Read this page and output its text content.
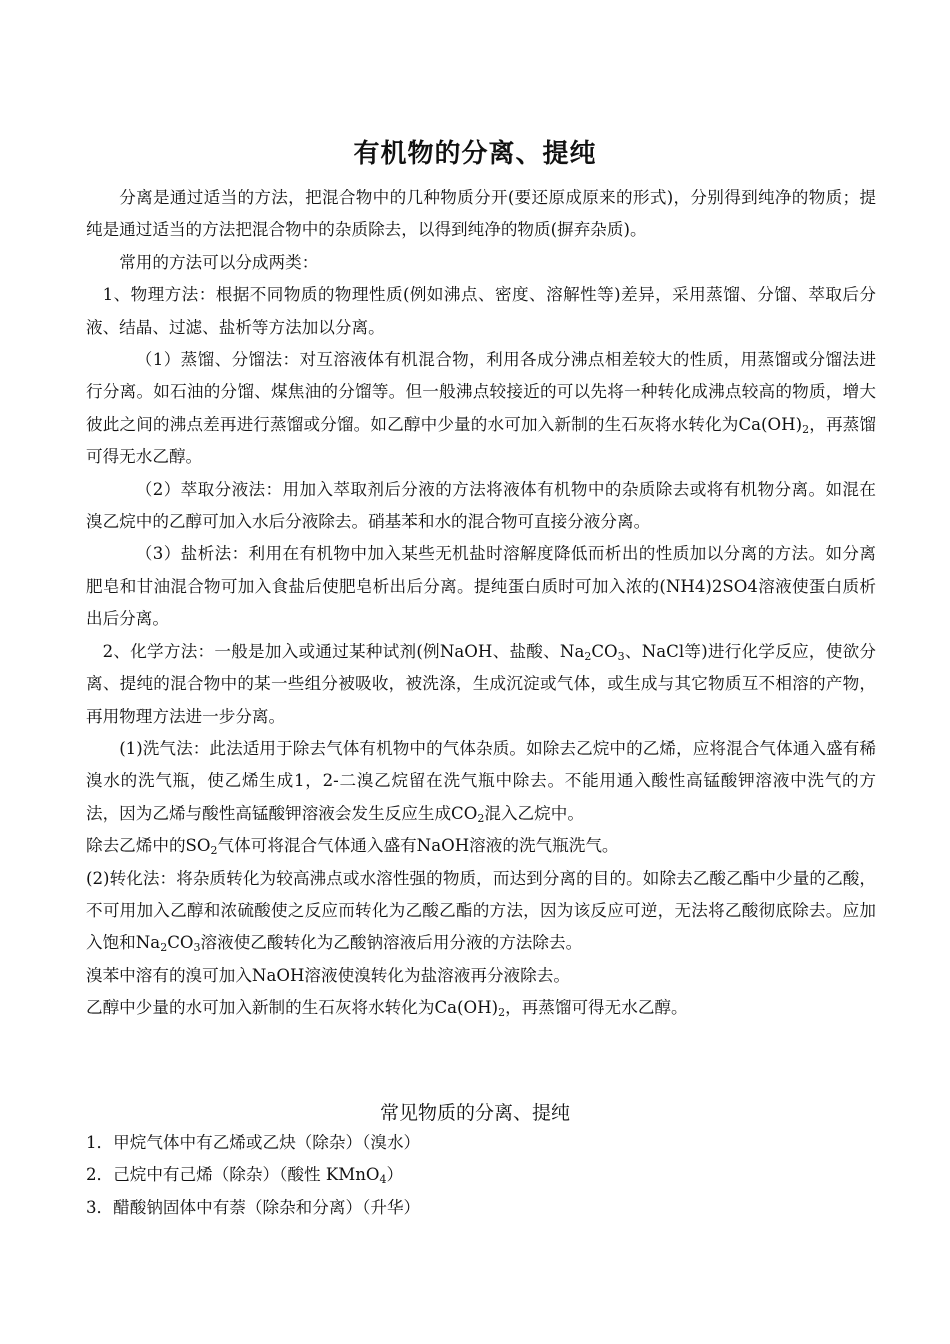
有机物的分离、提纯

分离是通过适当的方法，把混合物中的几种物质分开(要还原成原来的形式)，分别得到纯净的物质；提纯是通过适当的方法把混合物中的杂质除去，以得到纯净的物质(摒弃杂质)。

常用的方法可以分成两类：

1、物理方法：根据不同物质的物理性质(例如沸点、密度、溶解性等)差异，采用蒸馏、分馏、萃取后分液、结晶、过滤、盐析等方法加以分离。

（1）蒸馏、分馏法：对互溶液体有机混合物，利用各成分沸点相差较大的性质，用蒸馏或分馏法进行分离。如石油的分馏、煤焦油的分馏等。但一般沸点较接近的可以先将一种转化成沸点较高的物质，增大彼此之间的沸点差再进行蒸馏或分馏。如乙醇中少量的水可加入新制的生石灰将水转化为$Ca(OH)_2$，再蒸馏可得无水乙醇。

（2）萃取分液法：用加入萃取剂后分液的方法将液体有机物中的杂质除去或将有机物分离。如混在溴乙烷中的乙醇可加入水后分液除去。硝基苯和水的混合物可直接分液分离。

（3）盐析法：利用在有机物中加入某些无机盐时溶解度降低而析出的性质加以分离的方法。如分离肥皂和甘油混合物可加入食盐后使肥皂析出后分离。提纯蛋白质时可加入浓的(NH4)2SO4溶液使蛋白质析出后分离。

2、化学方法：一般是加入或通过某种试剂(例NaOH、盐酸、$Na_2CO_3$、NaCl等)进行化学反应，使欲分离、提纯的混合物中的某一些组分被吸收，被洗涤，生成沉淀或气体，或生成与其它物质互不相溶的产物，再用物理方法进一步分离。

(1)洗气法：此法适用于除去气体有机物中的气体杂质。如除去乙烷中的乙烯，应将混合气体通入盛有稀溴水的洗气瓶，使乙烯生成1，2-二溴乙烷留在洗气瓶中除去。不能用通入酸性高锰酸钾溶液中洗气的方法，因为乙烯与酸性高锰酸钾溶液会发生反应生成$CO_2$混入乙烷中。

除去乙烯中的$SO_2$气体可将混合气体通入盛有NaOH溶液的洗气瓶洗气。

(2)转化法：将杂质转化为较高沸点或水溶性强的物质，而达到分离的目的。如除去乙酸乙酯中少量的乙酸，不可用加入乙醇和浓硫酸使之反应而转化为乙酸乙酯的方法，因为该反应可逆，无法将乙酸彻底除去。应加入饱和$Na_2CO_3$溶液使乙酸转化为乙酸钠溶液后用分液的方法除去。

溴苯中溶有的溴可加入NaOH溶液使溴转化为盐溶液再分液除去。

乙醇中少量的水可加入新制的生石灰将水转化为$Ca(OH)_2$，再蒸馏可得无水乙醇。

常见物质的分离、提纯

1．甲烷气体中有乙烯或乙炔（除杂）（溴水）

2．己烷中有己烯（除杂）（酸性 KMnO$_4$）

3．醋酸钠固体中有萘（除杂和分离）（升华）
